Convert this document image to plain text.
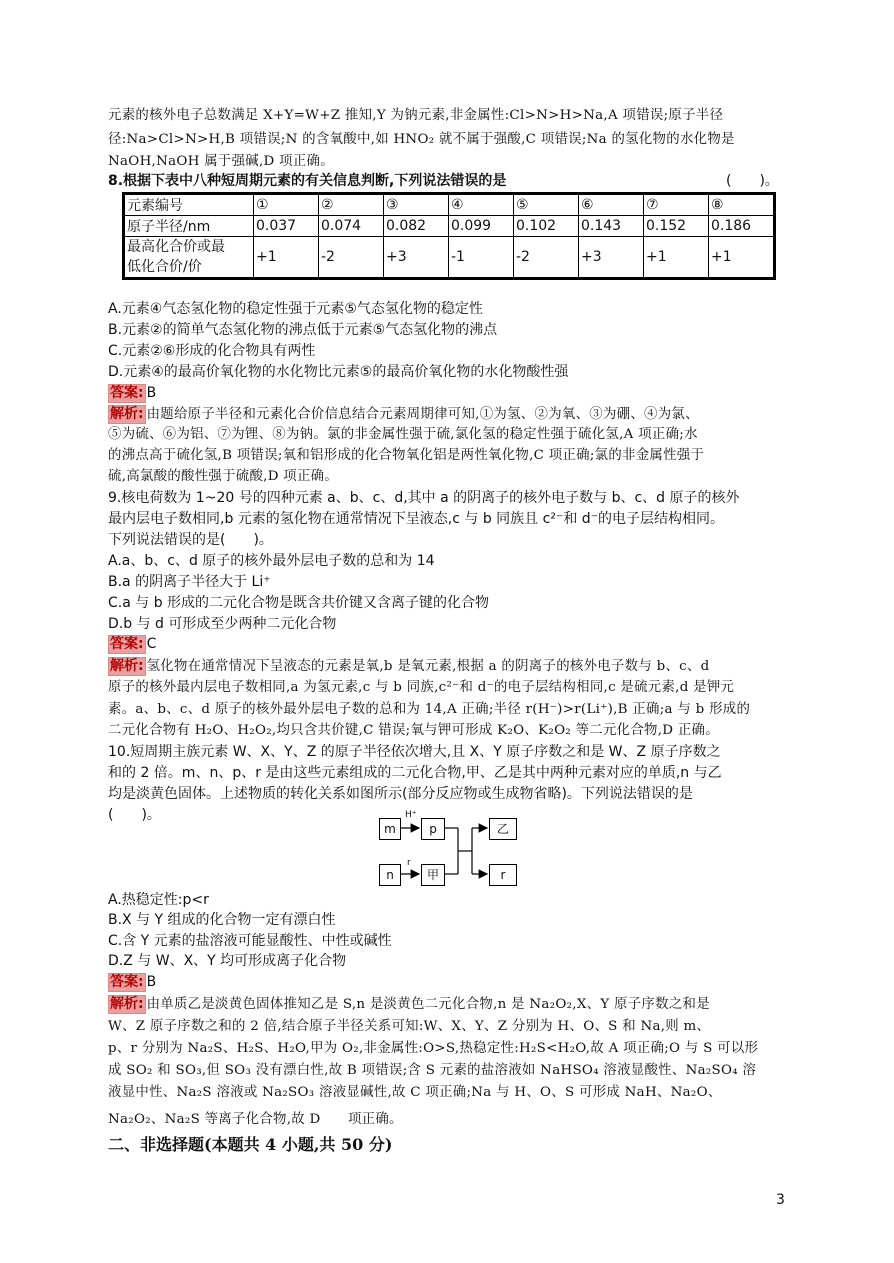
元素的核外电子总数满足 X+Y=W+Z 推知,Y 为钠元素,非金属性:Cl>N>H>Na,A 项错误;原子半径
径:Na>Cl>N>H,B 项错误;N 的含氧酸中,如 HNO₂ 就不属于强酸,C 项错误;Na 的氢化物的水化物是
NaOH,NaOH 属于强碱,D 项正确。
8.根据下表中八种短周期元素的有关信息判断,下列说法错误的是	(　　)。
元素编号	①	②	③	④	⑤	⑥	⑦	⑧
原子半径/nm	0.037	0.074	0.082	0.099	0.102	0.143	0.152	0.186

最高化合价或最
低化合价/价	+1	-2	+3	-1	-2	+3	+1	+1
A.元素④气态氢化物的稳定性强于元素⑤气态氢化物的稳定性
B.元素②的简单气态氢化物的沸点低于元素⑤气态氢化物的沸点
C.元素②⑥形成的化合物具有两性
D.元素④的最高价氧化物的水化物比元素⑤的最高价氧化物的水化物酸性强
答案: B
解析: 由题给原子半径和元素化合价信息结合元素周期律可知,①为氢、②为氧、③为硼、④为氯、
⑤为硫、⑥为铝、⑦为锂、⑧为钠。氯的非金属性强于硫,氯化氢的稳定性强于硫化氢,A 项正确;水
的沸点高于硫化氢,B 项错误;氧和铝形成的化合物氧化铝是两性氧化物,C 项正确;氯的非金属性强于
硫,高氯酸的酸性强于硫酸,D 项正确。
9.核电荷数为 1~20 号的四种元素 a、b、c、d,其中 a 的阴离子的核外电子数与 b、c、d 原子的核外
最内层电子数相同,b 元素的氢化物在通常情况下呈液态,c 与 b 同族且 c²⁻和 d⁻的电子层结构相同。
下列说法错误的是(　　)。
A.a、b、c、d 原子的核外最外层电子数的总和为 14
B.a 的阴离子半径大于 Li⁺
C.a 与 b 形成的二元化合物是既含共价键又含离子键的化合物
D.b 与 d 可形成至少两种二元化合物
答案: C
解析: 氢化物在通常情况下呈液态的元素是氧,b 是氧元素,根据 a 的阴离子的核外电子数与 b、c、d
原子的核外最内层电子数相同,a 为氢元素,c 与 b 同族,c²⁻和 d⁻的电子层结构相同,c 是硫元素,d 是钾元
素。a、b、c、d 原子的核外最外层电子数的总和为 14,A 正确;半径 r(H⁻)>r(Li⁺),B 正确;a 与 b 形成的
二元化合物有 H₂O、H₂O₂,均只含共价键,C 错误;氧与钾可形成 K₂O、K₂O₂ 等二元化合物,D 正确。
10.短周期主族元素 W、X、Y、Z 的原子半径依次增大,且 X、Y 原子序数之和是 W、Z 原子序数之
和的 2 倍。m、n、p、r 是由这些元素组成的二元化合物,甲、乙是其中两种元素对应的单质,n 与乙
均是淡黄色固体。上述物质的转化关系如图所示(部分反应物或生成物省略)。下列说法错误的是
(　　)。
m	p	乙
n	甲	r
H⁺
r
A.热稳定性:p<r
B.X 与 Y 组成的化合物一定有漂白性
C.含 Y 元素的盐溶液可能显酸性、中性或碱性
D.Z 与 W、X、Y 均可形成离子化合物
答案: B
解析: 由单质乙是淡黄色固体推知乙是 S,n 是淡黄色二元化合物,n 是 Na₂O₂,X、Y 原子序数之和是
W、Z 原子序数之和的 2 倍,结合原子半径关系可知:W、X、Y、Z 分别为 H、O、S 和 Na,则 m、
p、r 分别为 Na₂S、H₂S、H₂O,甲为 O₂,非金属性:O>S,热稳定性:H₂S<H₂O,故 A 项正确;O 与 S 可以形
成 SO₂ 和 SO₃,但 SO₃ 没有漂白性,故 B 项错误;含 S 元素的盐溶液如 NaHSO₄ 溶液显酸性、Na₂SO₄ 溶
液显中性、Na₂S 溶液或 Na₂SO₃ 溶液显碱性,故 C 项正确;Na 与 H、O、S 可形成 NaH、Na₂O、
Na₂O₂、Na₂S 等离子化合物,故 D　　项正确。
二、非选择题(本题共 4 小题,共 50 分)
3
